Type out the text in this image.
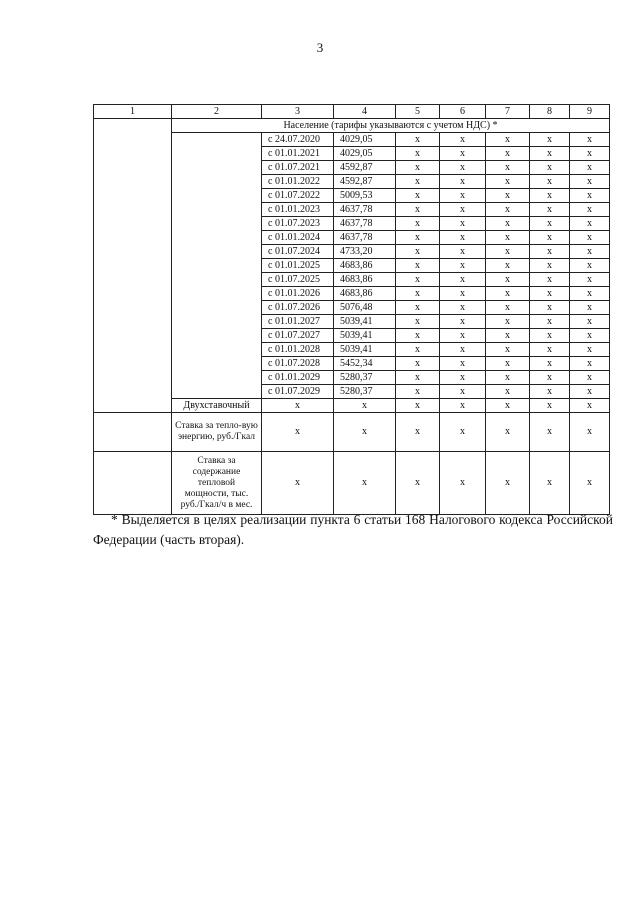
3
1	2	3	4	5	6	7	8	9
	Население (тарифы указываются с учетом НДС) *							
		с 24.07.2020	4029,05	x	x	x	x	x
		с 01.01.2021	4029,05	x	x	x	x	x
		с 01.07.2021	4592,87	x	x	x	x	x
		с 01.01.2022	4592,87	x	x	x	x	x
		с 01.07.2022	5009,53	x	x	x	x	x
		с 01.01.2023	4637,78	x	x	x	x	x
		с 01.07.2023	4637,78	x	x	x	x	x
		с 01.01.2024	4637,78	x	x	x	x	x
		с 01.07.2024	4733,20	x	x	x	x	x
		с 01.01.2025	4683,86	x	x	x	x	x
		с 01.07.2025	4683,86	x	x	x	x	x
		с 01.01.2026	4683,86	x	x	x	x	x
		с 01.07.2026	5076,48	x	x	x	x	x
		с 01.01.2027	5039,41	x	x	x	x	x
		с 01.07.2027	5039,41	x	x	x	x	x
		с 01.01.2028	5039,41	x	x	x	x	x
		с 01.07.2028	5452,34	x	x	x	x	x
		с 01.01.2029	5280,37	x	x	x	x	x
		с 01.07.2029	5280,37	x	x	x	x	x
	Двухставочный	x	x	x	x	x	x	x
	Ставка за тепло-вую энергию, руб./Гкал	x	x	x	x	x	x	x
	Ставка за содержание тепловой мощности, тыс. руб./Гкал/ч в мес.	x	x	x	x	x	x	x
* Выделяется в целях реализации пункта 6 статьи 168 Налогового кодекса Российской Федерации (часть вторая).
